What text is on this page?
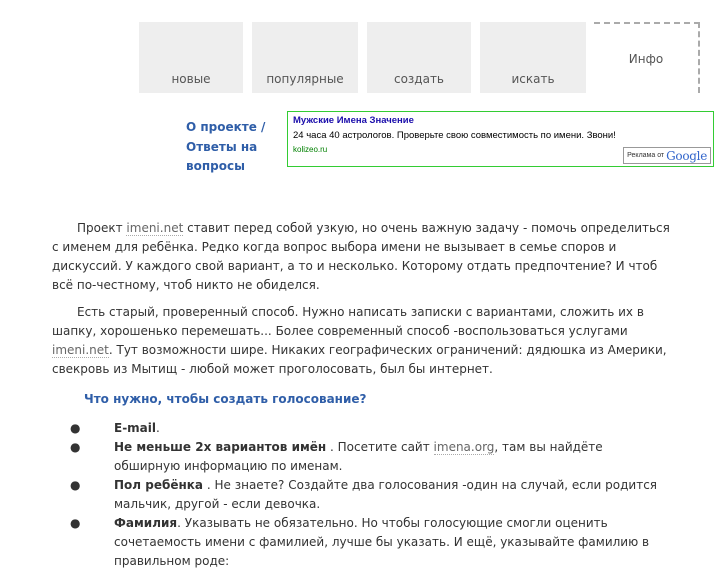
новые	популярные	создать	искать
Инфо
О проекте / Ответы на вопросы
Мужские Имена Значение
24 часа 40 астрологов. Проверьте свою совместимость по имени. Звони!
kolizeo.ru
Реклама от Google

Проект imeni.net ставит перед собой узкую, но очень важную задачу - помочь определиться с именем для ребёнка. Редко когда вопрос выбора имени не вызывает в семье споров и дискуссий. У каждого свой вариант, а то и несколько. Которому отдать предпочтение? И чтоб всё по-честному, чтоб никто не обиделся.

Есть старый, проверенный способ. Нужно написать записки с вариантами, сложить их в шапку, хорошенько перемешать... Более современный способ -воспользоваться услугами imeni.net. Тут возможности шире. Никаких географических ограничений: дядюшка из Америки, свекровь из Мытищ - любой может проголосовать, был бы интернет.

Что нужно, чтобы создать голосование?
●	E-mail.
●	Не меньше 2х вариантов имён . Посетите сайт imena.org, там вы найдёте обширную информацию по именам.
●	Пол ребёнка . Не знаете? Создайте два голосования -один на случай, если родится мальчик, другой - если девочка.
●	Фамилия. Указывать не обязательно. Но чтобы голосующие смогли оценить сочетаемость имени с фамилией, лучше бы указать. И ещё, указывайте фамилию в правильном роде:
